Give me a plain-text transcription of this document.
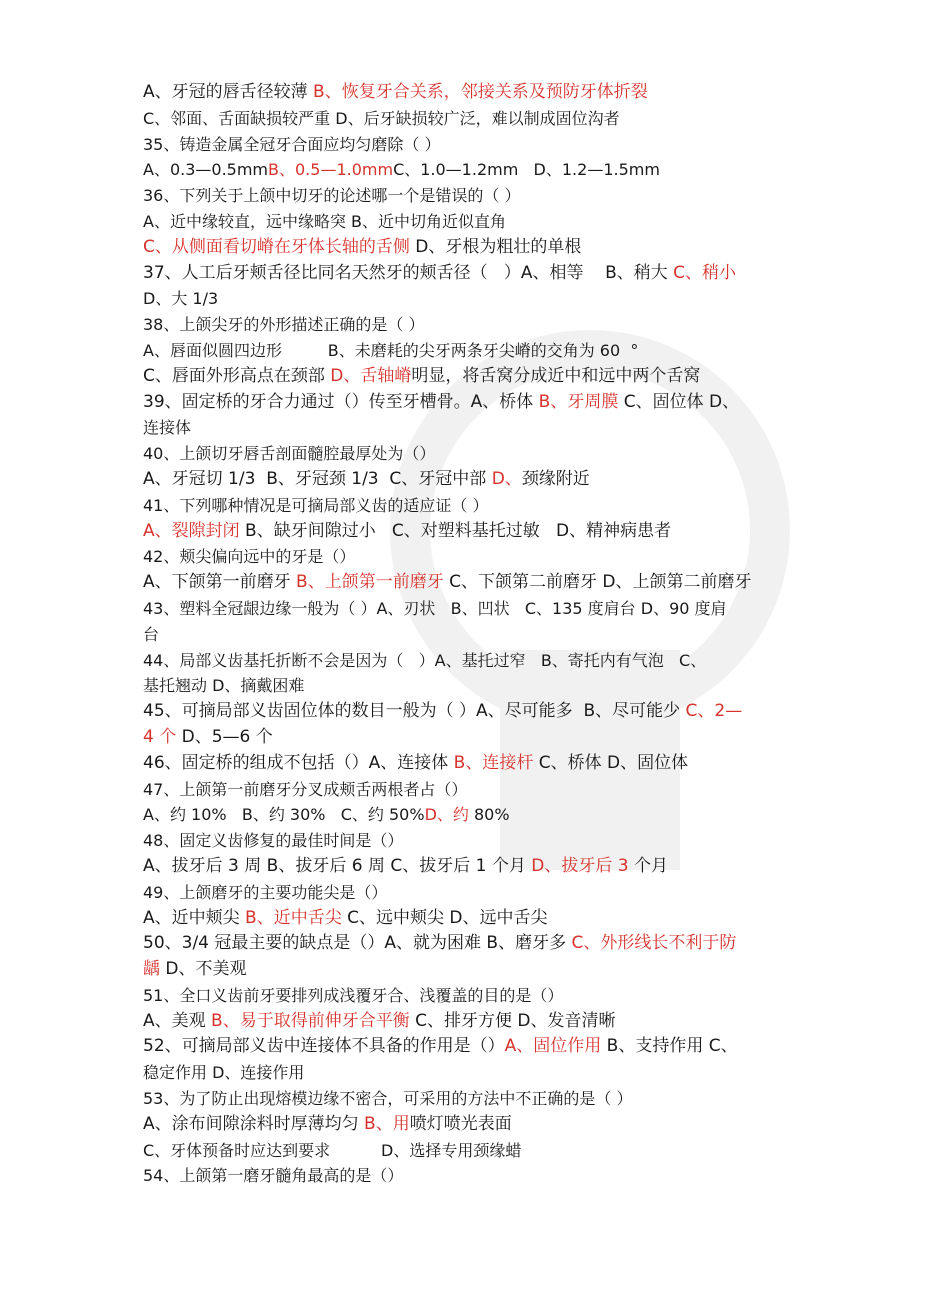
A、牙冠的唇舌径较薄 B、恢复牙合关系，邻接关系及预防牙体折裂

C、邻面、舌面缺损较严重 D、后牙缺损较广泛，难以制成固位沟者

35、铸造金属全冠牙合面应均匀磨除（ ）

A、0.3—0.5mmB、0.5—1.0mmC、1.0—1.2mm   D、1.2—1.5mm

36、下列关于上颌中切牙的论述哪一个是错误的（ ）

A、近中缘较直，远中缘略突 B、近中切角近似直角

C、从侧面看切嵴在牙体长轴的舌侧 D、牙根为粗壮的单根

37、人工后牙颊舌径比同名天然牙的颊舌径（   ）A、相等    B、稍大 C、稍小

D、大 1/3

38、上颌尖牙的外形描述正确的是（ ）

A、唇面似圆四边形         B、未磨耗的尖牙两条牙尖嵴的交角为 60  °

C、唇面外形高点在颈部 D、舌轴嵴明显，将舌窝分成近中和远中两个舌窝

39、固定桥的牙合力通过（）传至牙槽骨。A、桥体 B、牙周膜 C、固位体 D、

连接体

40、上颌切牙唇舌剖面髓腔最厚处为（）

A、牙冠切 1/3  B、牙冠颈 1/3  C、牙冠中部 D、颈缘附近

41、下列哪种情况是可摘局部义齿的适应证（ ）

A、裂隙封闭 B、缺牙间隙过小   C、对塑料基托过敏   D、精神病患者

42、颊尖偏向远中的牙是（）

A、下颌第一前磨牙 B、上颌第一前磨牙 C、下颌第二前磨牙 D、上颌第二前磨牙

43、塑料全冠龈边缘一般为（ ）A、刃状   B、凹状   C、135 度肩台 D、90 度肩

台

44、局部义齿基托折断不会是因为（   ）A、基托过窄   B、寄托内有气泡   C、

基托翘动 D、摘戴困难

45、可摘局部义齿固位体的数目一般为（ ）A、尽可能多  B、尽可能少 C、2—

4 个 D、5—6 个

46、固定桥的组成不包括（）A、连接体 B、连接杆 C、桥体 D、固位体

47、上颌第一前磨牙分叉成颊舌两根者占（）

A、约 10%   B、约 30%   C、约 50%D、约 80%

48、固定义齿修复的最佳时间是（）

A、拔牙后 3 周 B、拔牙后 6 周 C、拔牙后 1 个月 D、拔牙后 3 个月

49、上颌磨牙的主要功能尖是（）

A、近中颊尖 B、近中舌尖 C、远中颊尖 D、远中舌尖

50、3/4 冠最主要的缺点是（）A、就为困难 B、磨牙多 C、外形线长不利于防

龋 D、不美观

51、全口义齿前牙要排列成浅覆牙合、浅覆盖的目的是（）

A、美观 B、易于取得前伸牙合平衡 C、排牙方便 D、发音清晰

52、可摘局部义齿中连接体不具备的作用是（）A、固位作用 B、支持作用 C、

稳定作用 D、连接作用

53、为了防止出现熔模边缘不密合，可采用的方法中不正确的是（ ）

A、涂布间隙涂料时厚薄均匀 B、用喷灯喷光表面

C、牙体预备时应达到要求          D、选择专用颈缘蜡

54、上颌第一磨牙髓角最高的是（）
